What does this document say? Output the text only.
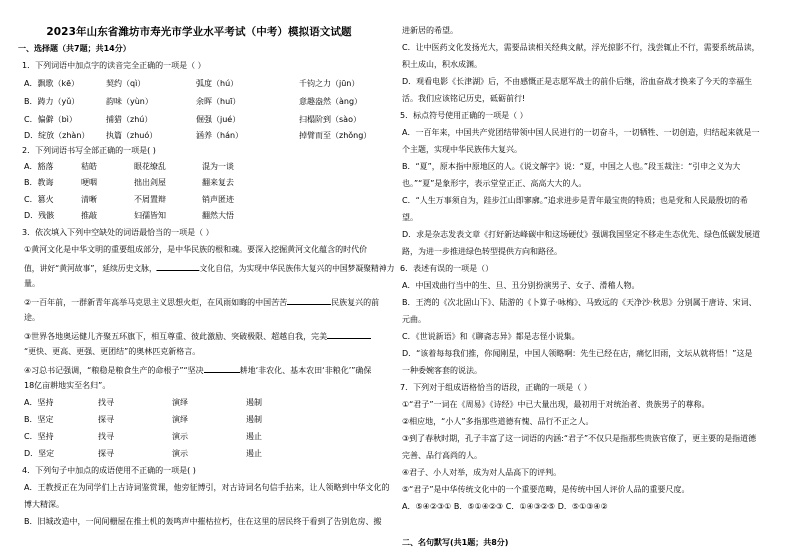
2023年山东省潍坊市寿光市学业水平考试（中考）模拟语文试题
一、选择题（共7题；共14分）
1．下列词语中加点字的读音完全正确的一项是（ ）
A．飘歌（kē）	契约（qì）	弧度（hú）	千钧之力（jūn）
B．踌力（yǔ）	韵味（yùn）	余晖（huī）	意趣盎然（àng）
C．偏僻（bì）	捕猎（zhú）	倔强（jué）	扫榻阶到（sào）
D．绽放（zhàn） 执篇（zhuó）	涵养（hán）	掉臂而至（zhǒng）
2．下列词语书写全部正确的一项是( )
A．豁落	秸皓	眼花缭乱	混为一谈
B．教诲	哽咽	拙出剑屋	翻来复去
C．篡火	清晰	不屑置辩	销声匿迹
D．残骸	推敲	妇孺皆知	翻然大悟
3．依次填入下列中空缺处的词语最恰当的一项是（ ）
①黄河文化是中华文明的重要组成部分，是中华民族的根和魂。要深入挖掘黄河文化蕴含的时代价
值，讲好“黄河故事”，延续历史文脉，	文化自信，为实现中华民族伟大复兴的中国梦凝聚精神力
量。
②一百年前，一群新青年高举马克思主义思想火炬，在风雨如晦的中国苦苦	民族复兴的前
途。
③世界各地奥运健儿齐聚五环旗下，相互尊重、彼此激励、突破极限、超越自我，完美
“更快、更高、更强、更团结”的奥林匹克新格言。
④习总书记强调，“粮稳是粮食生产的命根子”“坚决	耕地‘非农化、基本农田‘非粮化’”确保
18亿亩耕地实至名归”。
A．坚持	找寻	演绎	遏制
B．坚定	探寻	演绎	遏制
C．坚持	找寻	演示	遏止
D．坚定	探寻	演示	遏止
4．下列句子中加点的成语使用不正确的一项是( )
A．王教授正在为同学们上古诗词鉴赏课，他旁征博引，对古诗词名句信手拈来，让人领略到中华文化的
博大精深。
B．旧城改造中，一间间栅屋在推土机的轰鸣声中摧枯拉朽，住在这里的居民终于看到了告别危房、搬
进新居的希望。
C．让中医药文化发扬光大，需要品读相关经典文献，浮光掠影不行，浅尝辄止不行，需要系统品读，
积土成山，积水成渊。
D．观看电影《长津湖》后，不由感慨正是志愿军战士的前仆后继，浴血奋战才换来了今天的幸福生
活。我们应该铭记历史，砥砺前行!
5．标点符号使用正确的一项是（ ）
A．一百年来，中国共产党团结带领中国人民进行的一切奋斗，一切牺牲、一切创造，归结起来就是一
个主题，实现中华民族伟大复兴。
B．“夏”，原本指中原地区的人。《说文解字》说：“夏，中国之人也。”段玉裁注：“引申之义为大
也。”“夏”是象形字，表示堂堂正正、高高大大的人。
C．“人生万事须自为，跬步江山即寥廓。”追求进步是青年最宝贵的特质；也是党和人民最殷切的希
望。
D．求是杂志发表文章《打好新达峰碳中和这场硬仗》强调我国坚定不移走生态优先、绿色低碳发展道
路，为进一步推进绿色转型提供方向和路径。
6．表述有误的一项是（）
A．中国戏曲行当中的生、旦、丑分别扮演男子、女子、滑稽人物。
B．王湾的《次北固山下》、陆游的《卜算子·咏梅》、马致远的《天净沙·秋思》分别属于唐诗、宋词、
元曲。
C．《世说新语》和《聊斋志异》都是志怪小说集。
D．“该着每每我们推，你闻刚星，中国人领略啊：先生已经在店，痛忆旧雨，文坛从就将悟！”这是
一种委婉客套的说法。
7．下列对于组成语格恰当的语段，正确的一项是（ ）
①“君子”一词在《周易》《诗经》中已大量出现，最初用于对统治者、贵族男子的尊称。
②相应地，“小人”多指那些道德有愧、品行不正之人。
③到了春秋时期，孔子丰富了这一词语的内涵:“君子”不仅只是指那些贵族官僚了，更主要的是指道德
完善、品行高尚的人。
④君子、小人对举，成为对人品高下的评判。
⑤“君子”是中华传统文化中的一个重要范畴，是传统中国人评价人品的重要尺度。
A．⑤④②③① B．⑤①④②③ C．①④③②⑤ D．⑤①③④②
二、名句默写(共1题；共8分)
